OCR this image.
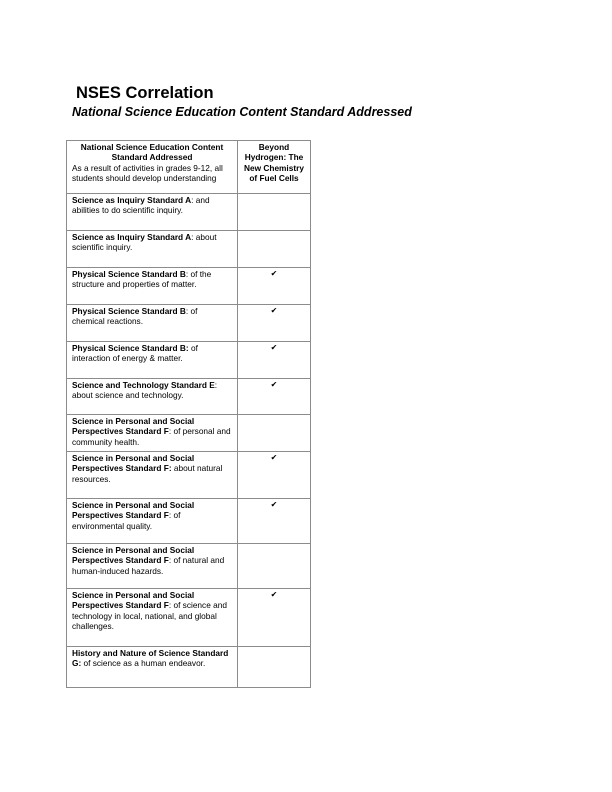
NSES Correlation
National Science Education Content Standard Addressed
National Science Education Content Standard Addressed
As a result of activities in grades 9-12, all students should develop understanding	Beyond Hydrogen: The New Chemistry of Fuel Cells
Science as Inquiry Standard A: and abilities to do scientific inquiry.	
Science as Inquiry Standard A: about scientific inquiry.	
Physical Science Standard B: of the structure and properties of matter.	✔
Physical Science Standard B: of chemical reactions.	✔
Physical Science Standard B: of interaction of energy & matter.	✔
Science and Technology Standard E: about science and technology.	✔
Science in Personal and Social Perspectives Standard F: of personal and community health.	
Science in Personal and Social Perspectives Standard F: about natural resources.	✔
Science in Personal and Social Perspectives Standard F: of environmental quality.	✔
Science in Personal and Social Perspectives Standard F: of natural and human-induced hazards.	
Science in Personal and Social Perspectives Standard F: of science and technology in local, national, and global challenges.	✔
History and Nature of Science Standard G: of science as a human endeavor.	
